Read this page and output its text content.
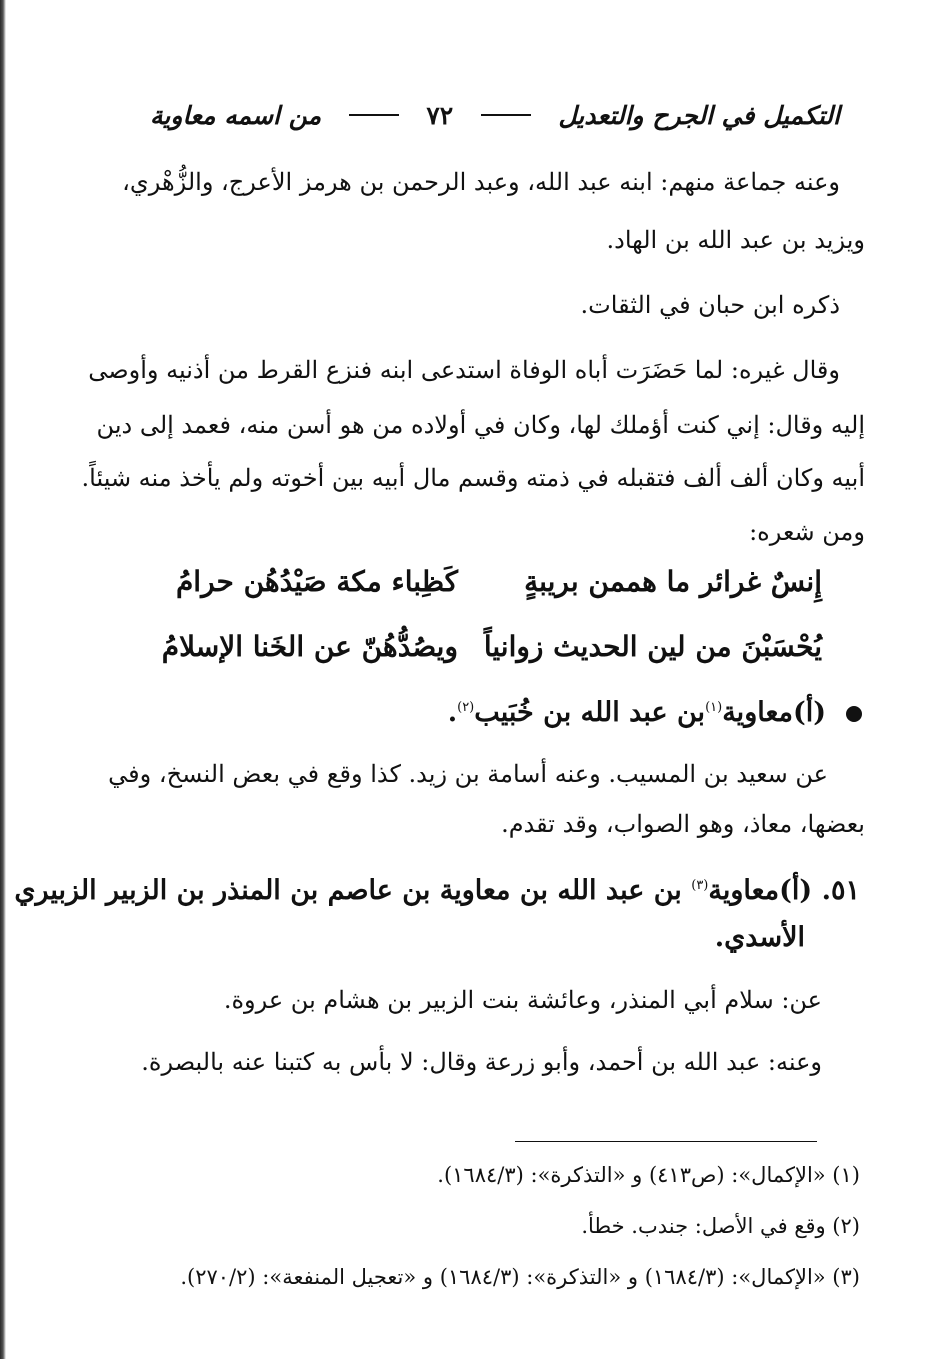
التكميل في الجرح والتعديل
٧٢
من اسمه معاوية
وعنه جماعة منهم: ابنه عبد الله، وعبد الرحمن بن هرمز الأعرج، والزُّهْري،
ويزيد بن عبد الله بن الهاد.
ذكره ابن حبان في الثقات.
وقال غيره: لما حَضَرَت أباه الوفاة استدعى ابنه فنزع القرط من أذنيه وأوصى
إليه وقال: إني كنت أؤملك لها، وكان في أولاده من هو أسن منه، فعمد إلى دين
أبيه وكان ألف ألف فتقبله في ذمته وقسم مال أبيه بين أخوته ولم يأخذ منه شيئاً.
ومن شعره:
إِنسٌ غرائر ما هممن بريبةٍ
كَظِباء مكة صَيْدُهُن حرامُ
يُحْسَبْنَ من لين الحديث زوانياً
ويصُدُّهُنّ عن الخَنا الإسلامُ
(أ)معاوية$^{(١)}$بن عبد الله بن خُبَيب$^{(٢)}$.
عن سعيد بن المسيب. وعنه أسامة بن زيد. كذا وقع في بعض النسخ، وفي
بعضها، معاذ، وهو الصواب، وقد تقدم.
٥١. (أ)معاوية$^{(٣)}$ بن عبد الله بن معاوية بن عاصم بن المنذر بن الزبير الزبيري
الأسدي.
عن: سلام أبي المنذر، وعائشة بنت الزبير بن هشام بن عروة.
وعنه: عبد الله بن أحمد، وأبو زرعة وقال: لا بأس به كتبنا عنه بالبصرة.
(١) «الإكمال»: (ص٤١٣) و «التذكرة»: (١٦٨٤/٣).
(٢) وقع في الأصل: جندب. خطأ.
(٣) «الإكمال»: (١٦٨٤/٣) و «التذكرة»: (١٦٨٤/٣) و «تعجيل المنفعة»: (٢٧٠/٢).
